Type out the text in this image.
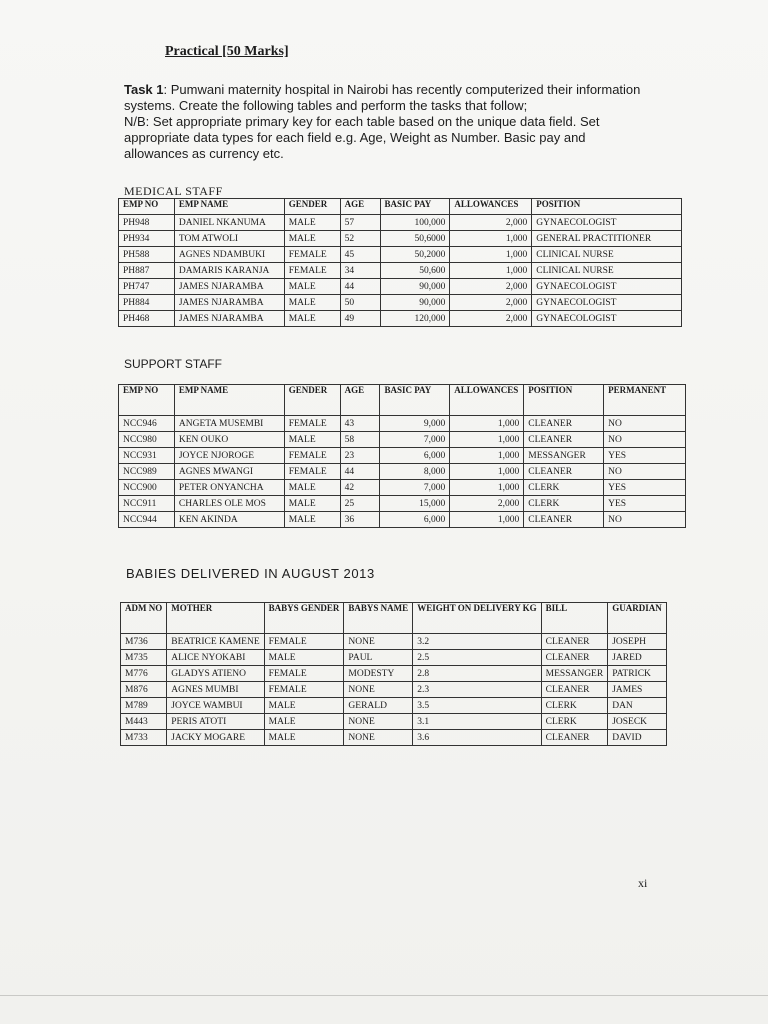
Practical [50 Marks]
Task 1: Pumwani maternity hospital in Nairobi has recently computerized their information systems. Create the following tables and perform the tasks that follow;
N/B: Set appropriate primary key for each table based on the unique data field. Set appropriate data types for each field e.g. Age, Weight as Number. Basic pay and allowances as currency etc.
MEDICAL STAFF
EMP NO	EMP NAME	GENDER	AGE	BASIC PAY	ALLOWANCES	POSITION
PH948	DANIEL NKANUMA	MALE	57	100,000	2,000	GYNAECOLOGIST
PH934	TOM ATWOLI	MALE	52	50,6000	1,000	GENERAL PRACTITIONER
PH588	AGNES NDAMBUKI	FEMALE	45	50,2000	1,000	CLINICAL NURSE
PH887	DAMARIS KARANJA	FEMALE	34	50,600	1,000	CLINICAL NURSE
PH747	JAMES NJARAMBA	MALE	44	90,000	2,000	GYNAECOLOGIST
PH884	JAMES NJARAMBA	MALE	50	90,000	2,000	GYNAECOLOGIST
PH468	JAMES NJARAMBA	MALE	49	120,000	2,000	GYNAECOLOGIST
SUPPORT STAFF
EMP NO	EMP NAME	GENDER	AGE	BASIC PAY	ALLOWANCES	POSITION	PERMANENT
NCC946	ANGETA MUSEMBI	FEMALE	43	9,000	1,000	CLEANER	NO
NCC980	KEN OUKO	MALE	58	7,000	1,000	CLEANER	NO
NCC931	JOYCE NJOROGE	FEMALE	23	6,000	1,000	MESSANGER	YES
NCC989	AGNES MWANGI	FEMALE	44	8,000	1,000	CLEANER	NO
NCC900	PETER ONYANCHA	MALE	42	7,000	1,000	CLERK	YES
NCC911	CHARLES OLE MOS	MALE	25	15,000	2,000	CLERK	YES
NCC944	KEN AKINDA	MALE	36	6,000	1,000	CLEANER	NO
BABIES DELIVERED IN AUGUST 2013
ADM NO	MOTHER	BABYS GENDER	BABYS NAME	WEIGHT ON DELIVERY KG	BILL	GUARDIAN
M736	BEATRICE KAMENE	FEMALE	NONE	3.2	CLEANER	JOSEPH
M735	ALICE NYOKABI	MALE	PAUL	2.5	CLEANER	JARED
M776	GLADYS ATIENO	FEMALE	MODESTY	2.8	MESSANGER	PATRICK
M876	AGNES MUMBI	FEMALE	NONE	2.3	CLEANER	JAMES
M789	JOYCE WAMBUI	MALE	GERALD	3.5	CLERK	DAN
M443	PERIS ATOTI	MALE	NONE	3.1	CLERK	JOSECK
M733	JACKY MOGARE	MALE	NONE	3.6	CLEANER	DAVID
xi
